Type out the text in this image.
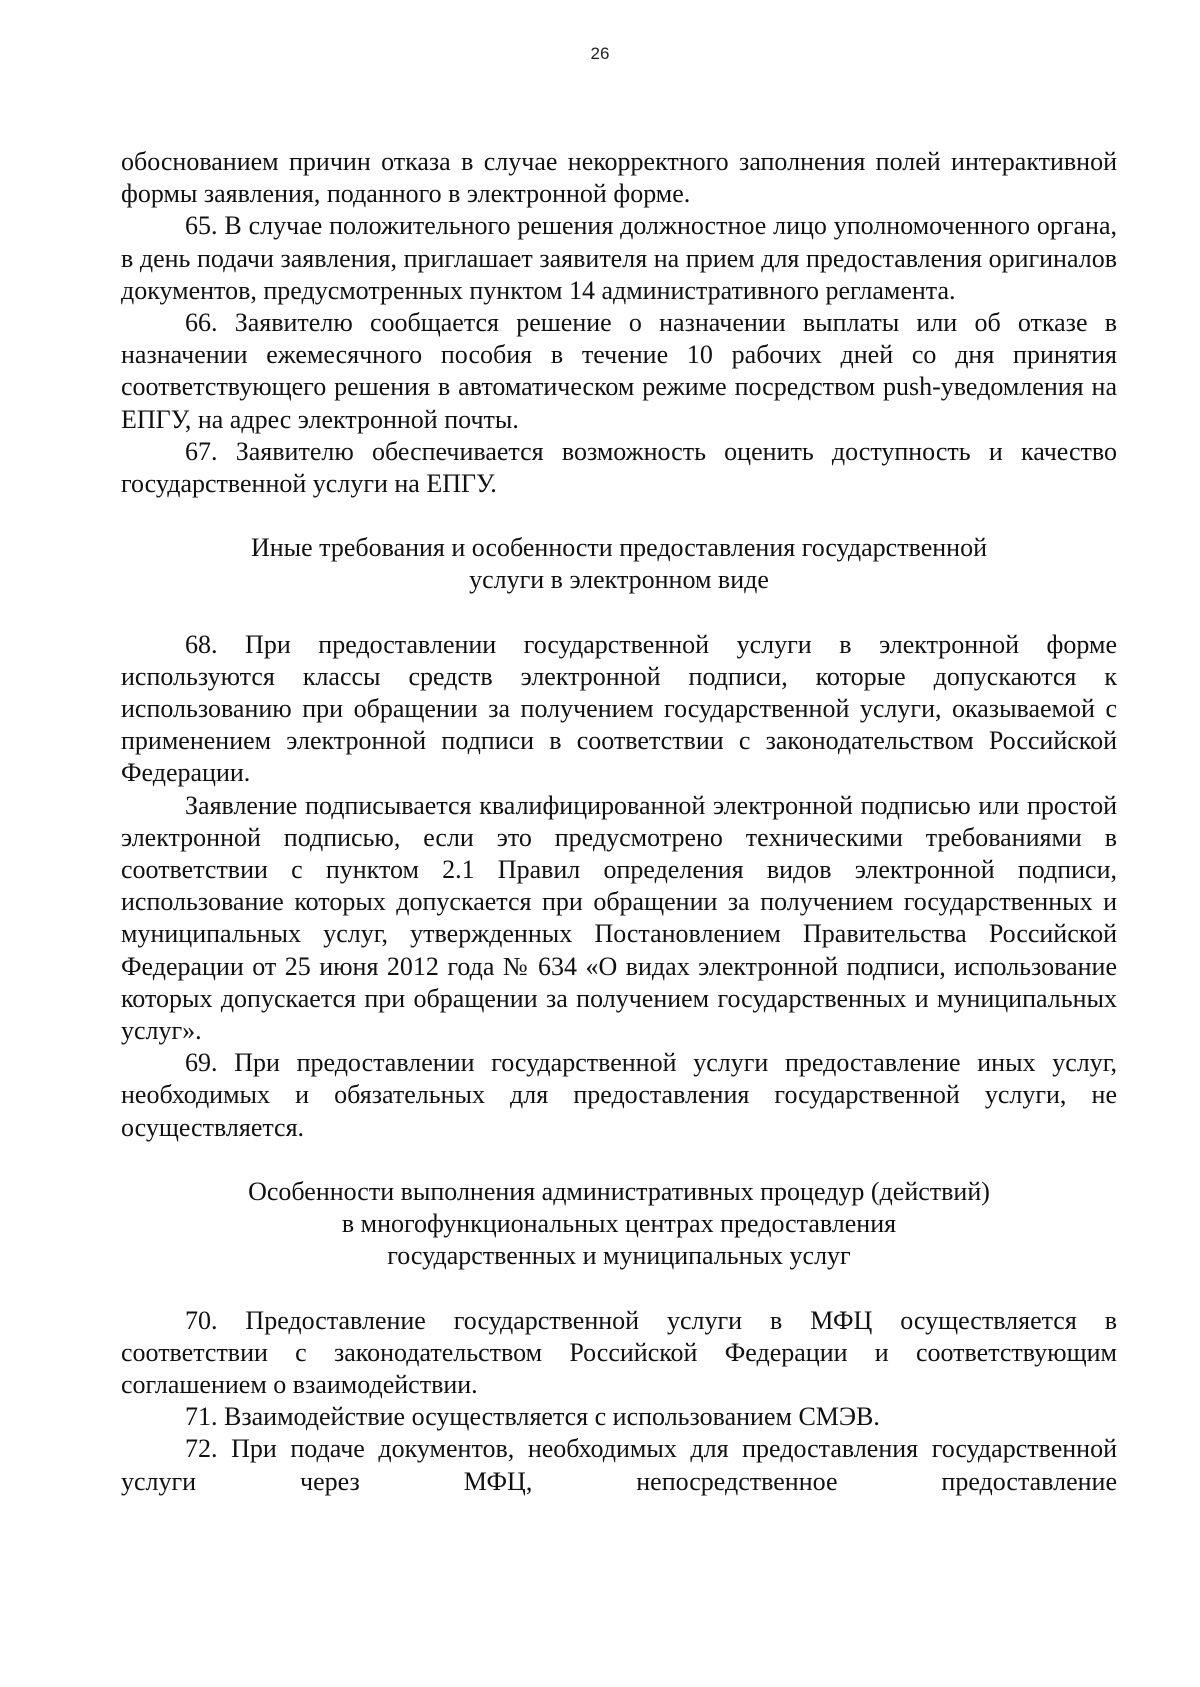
26

обоснованием причин отказа в случае некорректного заполнения полей интерактивной формы заявления, поданного в электронной форме.

65. В случае положительного решения должностное лицо уполномоченного органа, в день подачи заявления, приглашает заявителя на прием для предоставления оригиналов документов, предусмотренных пунктом 14 административного регламента.

66. Заявителю сообщается решение о назначении выплаты или об отказе в назначении ежемесячного пособия в течение 10 рабочих дней со дня принятия соответствующего решения в автоматическом режиме посредством push-уведомления на ЕПГУ, на адрес электронной почты.

67. Заявителю обеспечивается возможность оценить доступность и качество государственной услуги на ЕПГУ.

Иные требования и особенности предоставления государственной
услуги в электронном виде

68. При предоставлении государственной услуги в электронной форме используются классы средств электронной подписи, которые допускаются к использованию при обращении за получением государственной услуги, оказываемой с применением электронной подписи в соответствии с законодательством Российской Федерации.

Заявление подписывается квалифицированной электронной подписью или простой электронной подписью, если это предусмотрено техническими требованиями в соответствии с пунктом 2.1 Правил определения видов электронной подписи, использование которых допускается при обращении за получением государственных и муниципальных услуг, утвержденных Постановлением Правительства Российской Федерации от 25 июня 2012 года № 634 «О видах электронной подписи, использование которых допускается при обращении за получением государственных и муниципальных услуг».

69. При предоставлении государственной услуги предоставление иных услуг, необходимых и обязательных для предоставления государственной услуги, не осуществляется.

Особенности выполнения административных процедур (действий)
в многофункциональных центрах предоставления
государственных и муниципальных услуг

70. Предоставление государственной услуги в МФЦ осуществляется в соответствии с законодательством Российской Федерации и соответствующим соглашением о взаимодействии.

71. Взаимодействие осуществляется с использованием СМЭВ.

72. При подаче документов, необходимых для предоставления государственной услуги через МФЦ, непосредственное предоставление
